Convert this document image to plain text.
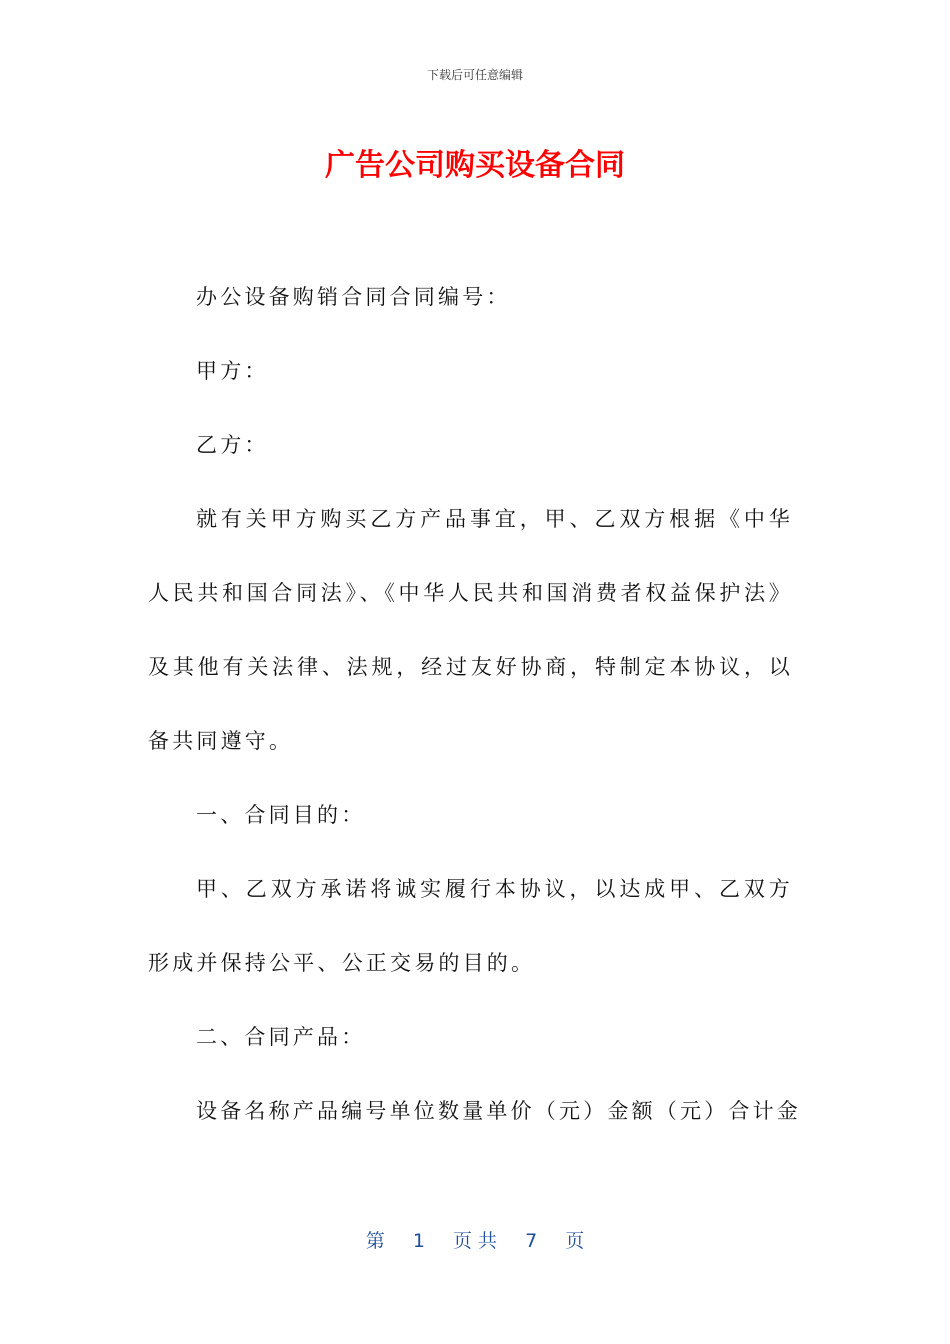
下载后可任意编辑
广告公司购买设备合同

办公设备购销合同合同编号：

甲方：

乙方：

就有关甲方购买乙方产品事宜，甲、乙双方根据《中华人民共和国合同法》、《中华人民共和国消费者权益保护法》及其他有关法律、法规，经过友好协商，特制定本协议，以备共同遵守。

一、合同目的：

甲、乙双方承诺将诚实履行本协议，以达成甲、乙双方形成并保持公平、公正交易的目的。

二、合同产品：

设备名称产品编号单位数量单价（元）金额（元）合计金

第 1 页 共 7 页
